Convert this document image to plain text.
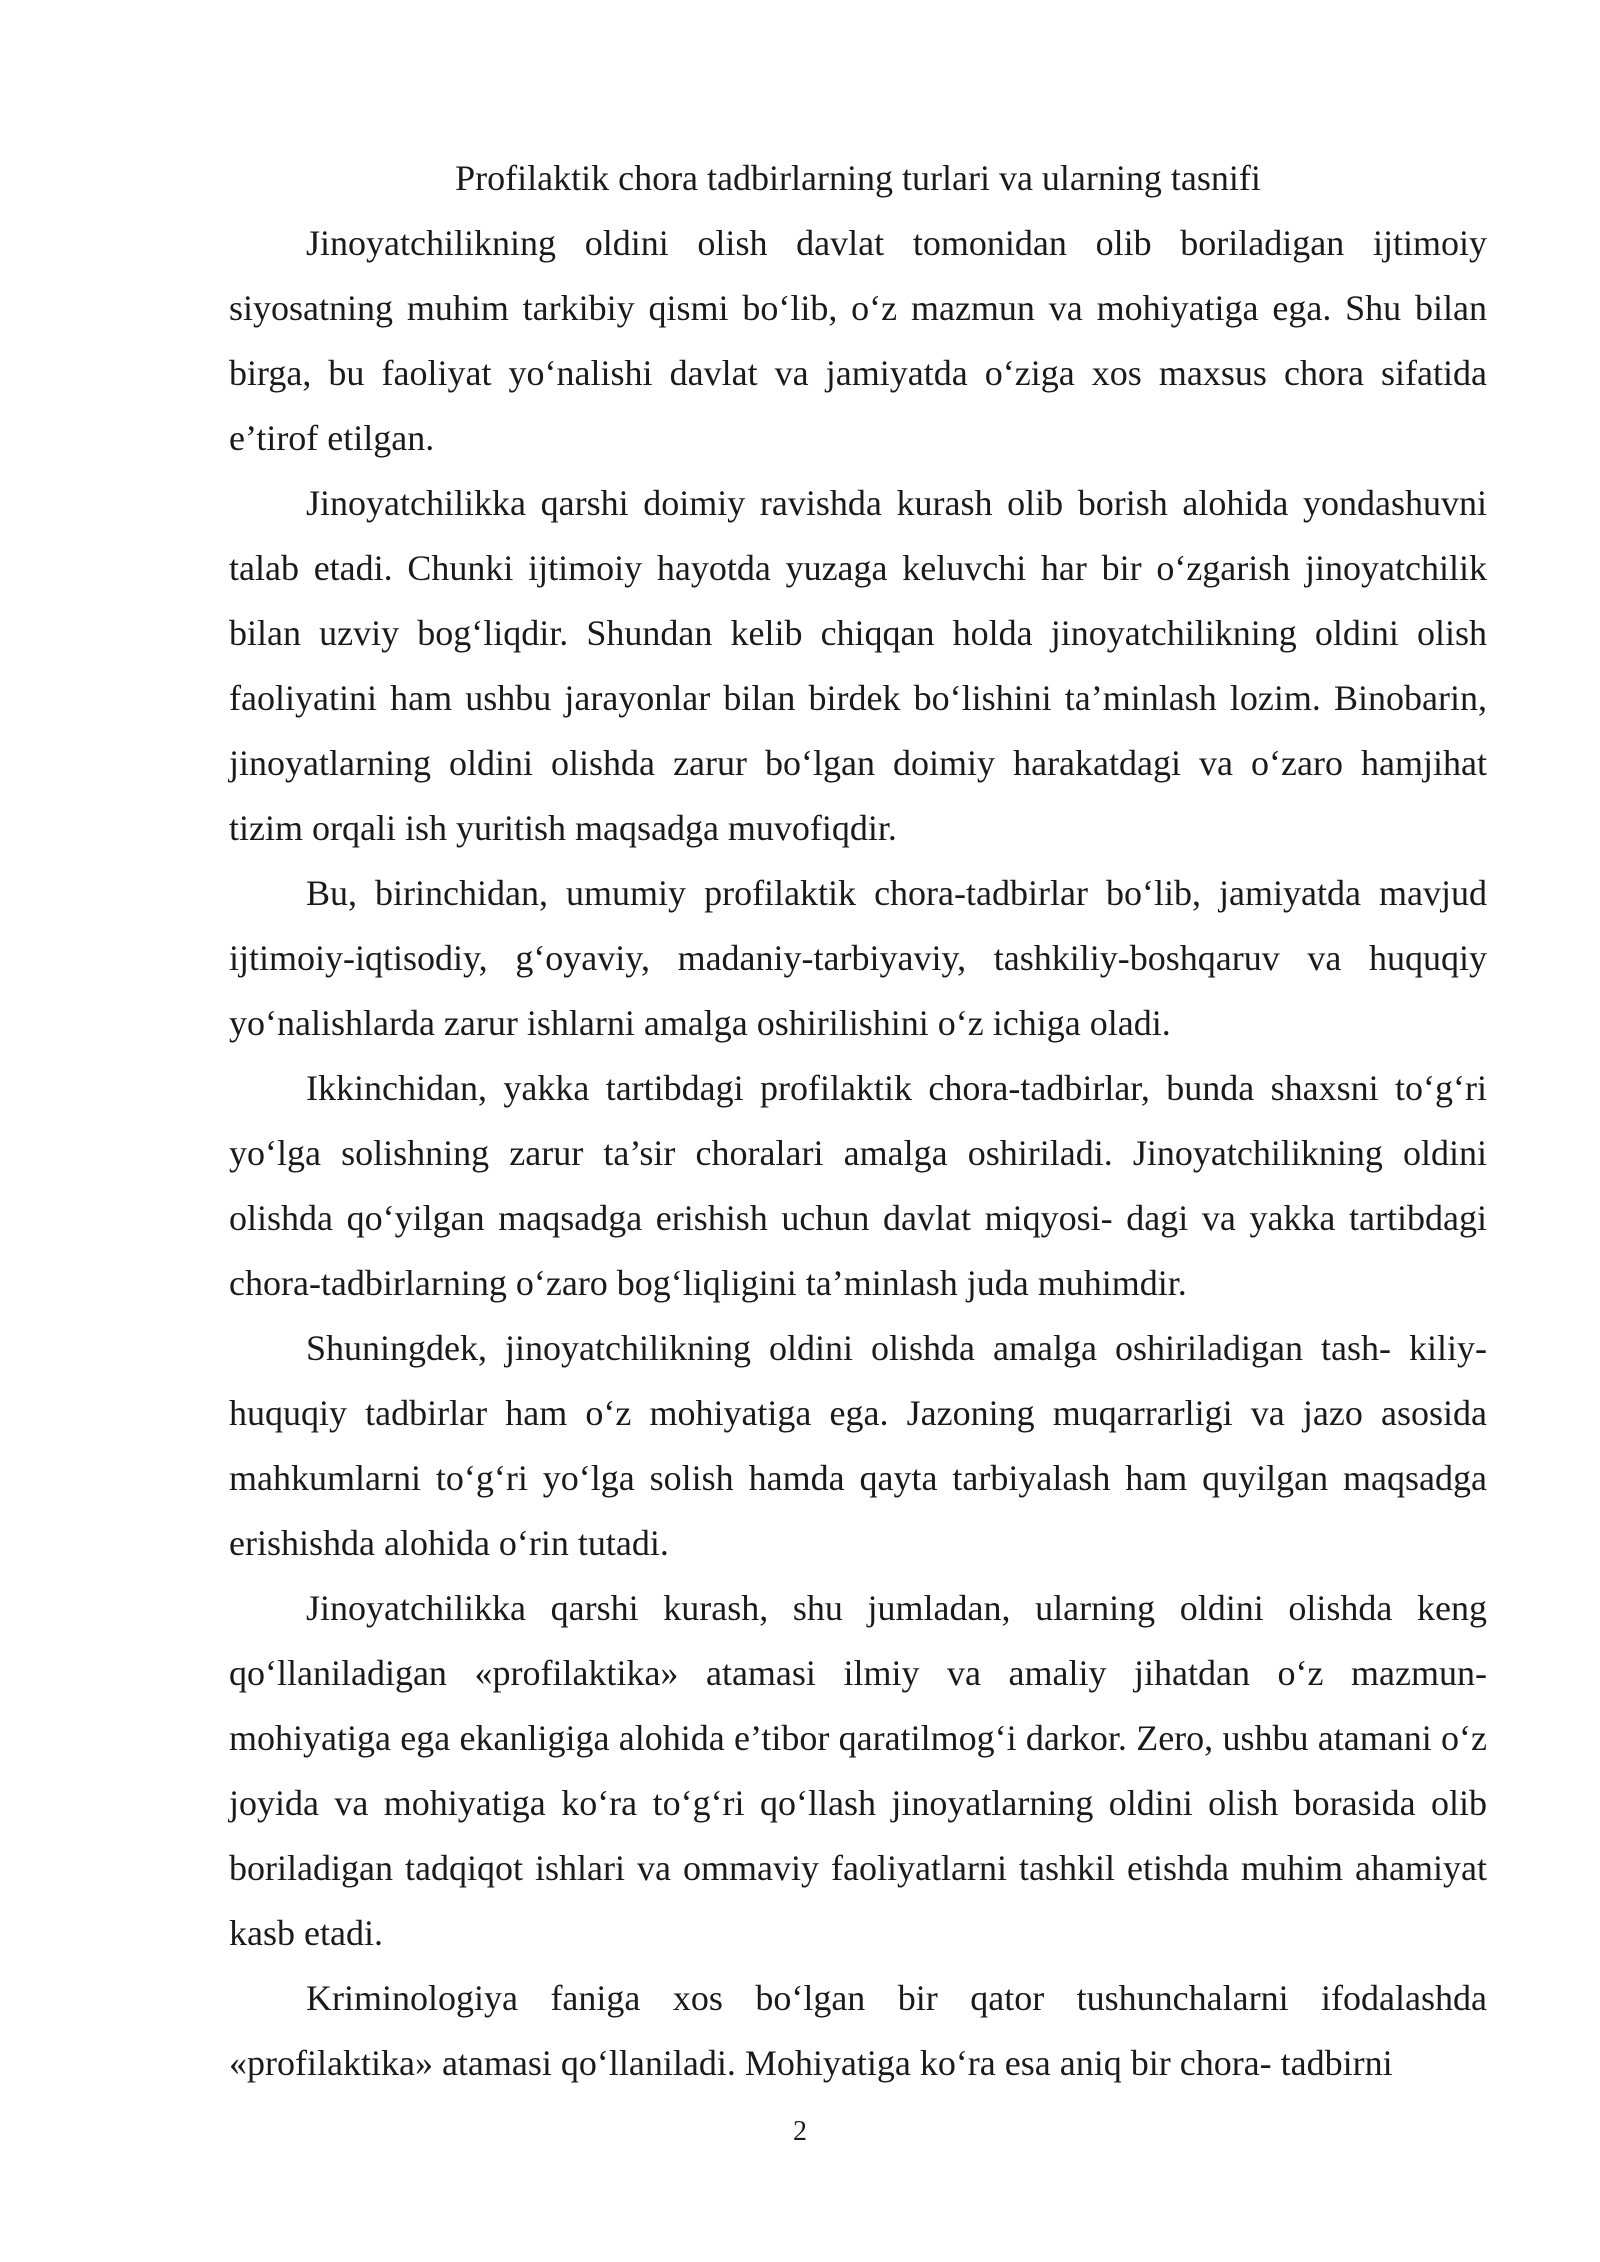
Profilaktik chora tadbirlarning turlari va ularning tasnifi

Jinoyatchilikning oldini olish davlat tomonidan olib boriladigan ijtimoiy siyosatning muhim tarkibiy qismi bo‘lib, o‘z mazmun va mohiyatiga ega. Shu bilan birga, bu faoliyat yo‘nalishi davlat va jamiyatda o‘ziga xos maxsus chora sifatida e’tirof etilgan.

Jinoyatchilikka qarshi doimiy ravishda kurash olib borish alohida yondashuvni talab etadi. Chunki ijtimoiy hayotda yuzaga keluvchi har bir o‘zgarish jinoyatchilik bilan uzviy bog‘liqdir. Shundan kelib chiqqan holda jinoyatchilikning oldini olish faoliyatini ham ushbu jarayonlar bilan birdek bo‘lishini ta’minlash lozim. Binobarin, jinoyatlarning oldini olishda zarur bo‘lgan doimiy harakatdagi va o‘zaro hamjihat tizim orqali ish yuritish maqsadga muvofiqdir.

Bu, birinchidan, umumiy profilaktik chora-tadbirlar bo‘lib, jamiyatda mavjud ijtimoiy-iqtisodiy, g‘oyaviy, madaniy-tarbiyaviy, tashkiliy-boshqaruv va huquqiy yo‘nalishlarda zarur ishlarni amalga oshirilishini o‘z ichiga oladi.

Ikkinchidan, yakka tartibdagi profilaktik chora-tadbirlar, bunda shaxsni to‘g‘ri yo‘lga solishning zarur ta’sir choralari amalga oshiriladi. Jinoyatchilikning oldini olishda qo‘yilgan maqsadga erishish uchun davlat miqyosi- dagi va yakka tartibdagi chora-tadbirlarning o‘zaro bog‘liqligini ta’minlash juda muhimdir.

Shuningdek, jinoyatchilikning oldini olishda amalga oshiriladigan tash- kiliy-huquqiy tadbirlar ham o‘z mohiyatiga ega. Jazoning muqarrarligi va jazo asosida mahkumlarni to‘g‘ri yo‘lga solish hamda qayta tarbiyalash ham quyilgan maqsadga erishishda alohida o‘rin tutadi.

Jinoyatchilikka qarshi kurash, shu jumladan, ularning oldini olishda keng qo‘llaniladigan «profilaktika» atamasi ilmiy va amaliy jihatdan o‘z mazmun-mohiyatiga ega ekanligiga alohida e’tibor qaratilmog‘i darkor. Zero, ushbu atamani o‘z joyida va mohiyatiga ko‘ra to‘g‘ri qo‘llash jinoyatlarning oldini olish borasida olib boriladigan tadqiqot ishlari va ommaviy faoliyatlarni tashkil etishda muhim ahamiyat kasb etadi.

Kriminologiya faniga xos bo‘lgan bir qator tushunchalarni ifodalashda «profilaktika» atamasi qo‘llaniladi. Mohiyatiga ko‘ra esa aniq bir chora- tadbirni

2
